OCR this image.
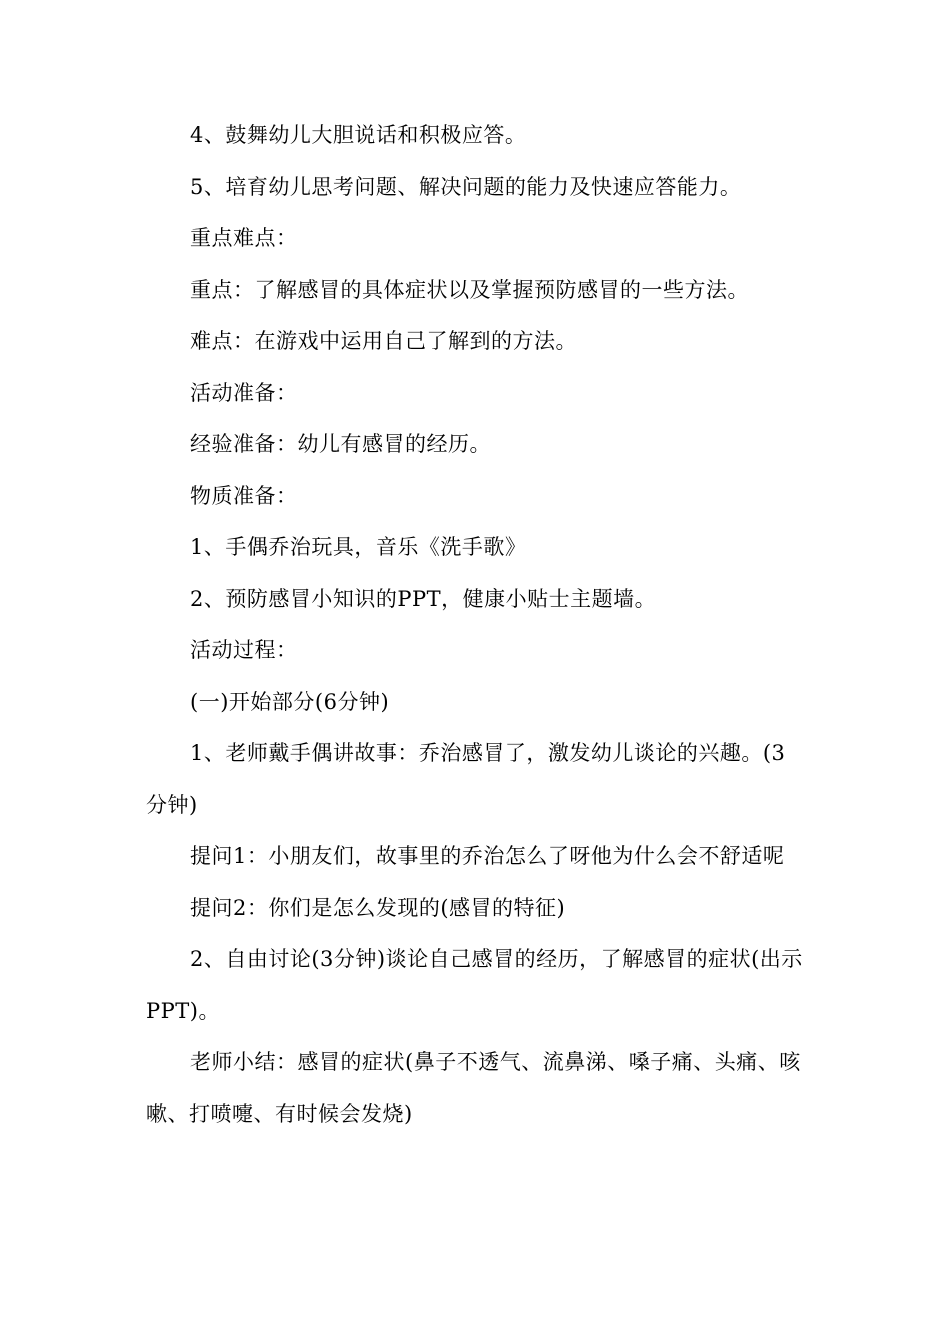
4、鼓舞幼儿大胆说话和积极应答。

5、培育幼儿思考问题、解决问题的能力及快速应答能力。

重点难点：

重点：了解感冒的具体症状以及掌握预防感冒的一些方法。

难点：在游戏中运用自己了解到的方法。

活动准备：

经验准备：幼儿有感冒的经历。

物质准备：

1、手偶乔治玩具，音乐《洗手歌》

2、预防感冒小知识的PPT，健康小贴士主题墙。

活动过程：

(一)开始部分(6分钟)

1、老师戴手偶讲故事：乔治感冒了，激发幼儿谈论的兴趣。(3分钟)

提问1：小朋友们，故事里的乔治怎么了呀他为什么会不舒适呢

提问2：你们是怎么发现的(感冒的特征)

2、自由讨论(3分钟)谈论自己感冒的经历，了解感冒的症状(出示PPT)。

老师小结：感冒的症状(鼻子不透气、流鼻涕、嗓子痛、头痛、咳嗽、打喷嚏、有时候会发烧)
